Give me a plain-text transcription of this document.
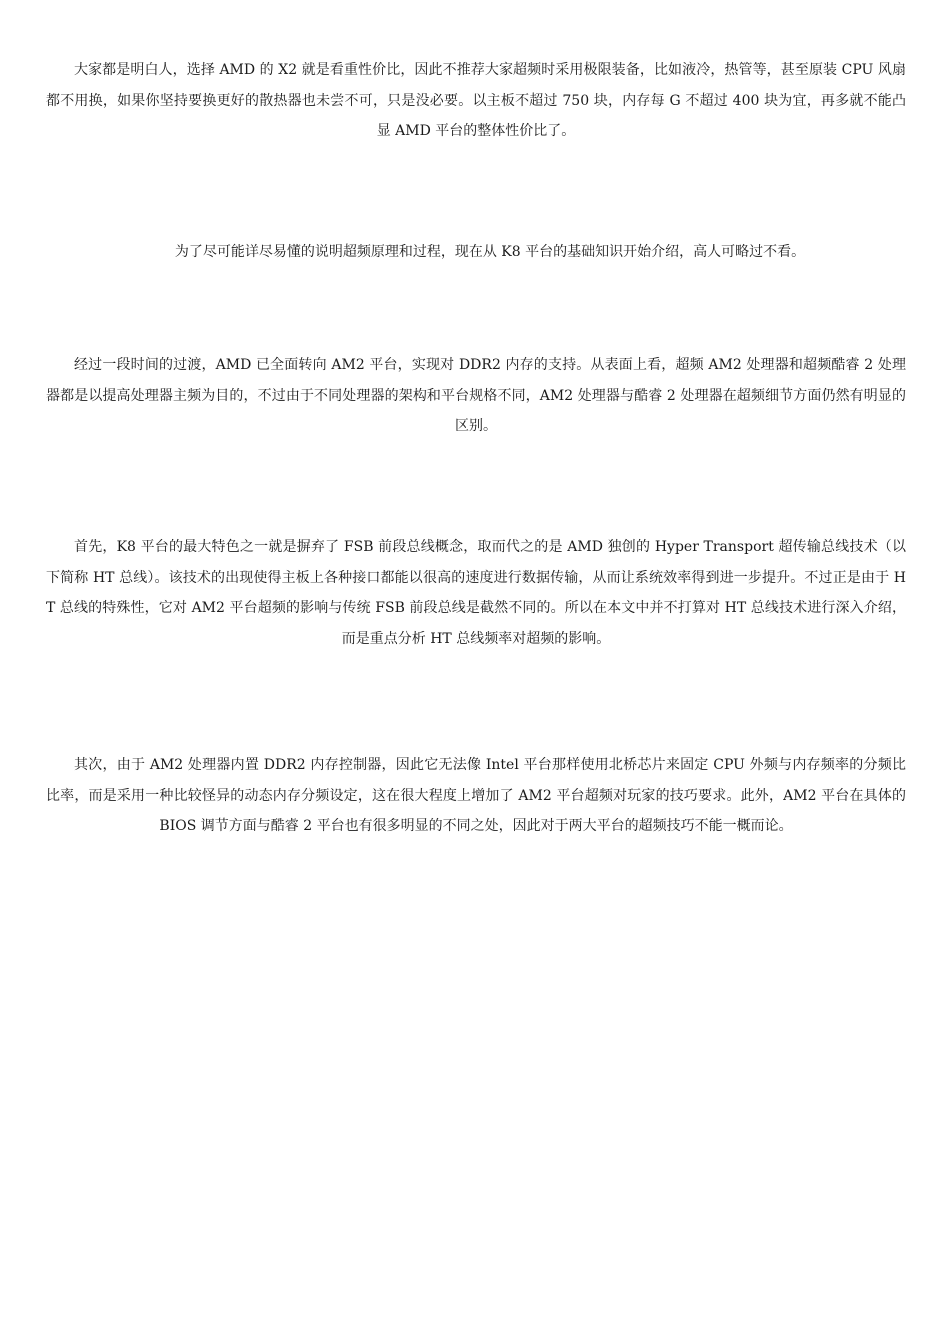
大家都是明白人，选择 AMD 的 X2 就是看重性价比，因此不推荐大家超频时采用极限装备，比如液冷，热管等，甚至原装 CPU 风扇都不用换，如果你坚持要换更好的散热器也未尝不可，只是没必要。以主板不超过 750 块，内存每 G 不超过 400 块为宜，再多就不能凸显 AMD 平台的整体性价比了。

为了尽可能详尽易懂的说明超频原理和过程，现在从 K8 平台的基础知识开始介绍，高人可略过不看。

经过一段时间的过渡，AMD 已全面转向 AM2 平台，实现对 DDR2 内存的支持。从表面上看，超频 AM2 处理器和超频酷睿 2 处理器都是以提高处理器主频为目的，不过由于不同处理器的架构和平台规格不同，AM2 处理器与酷睿 2 处理器在超频细节方面仍然有明显的区别。

首先，K8 平台的最大特色之一就是摒弃了 FSB 前段总线概念，取而代之的是 AMD 独创的 Hyper Transport 超传输总线技术（以下简称 HT 总线）。该技术的出现使得主板上各种接口都能以很高的速度进行数据传输，从而让系统效率得到进一步提升。不过正是由于 HT 总线的特殊性，它对 AM2 平台超频的影响与传统 FSB 前段总线是截然不同的。所以在本文中并不打算对 HT 总线技术进行深入介绍，而是重点分析 HT 总线频率对超频的影响。

其次，由于 AM2 处理器内置 DDR2 内存控制器，因此它无法像 Intel 平台那样使用北桥芯片来固定 CPU 外频与内存频率的分频比比率，而是采用一种比较怪异的动态内存分频设定，这在很大程度上增加了 AM2 平台超频对玩家的技巧要求。此外，AM2 平台在具体的 BIOS 调节方面与酷睿 2 平台也有很多明显的不同之处，因此对于两大平台的超频技巧不能一概而论。
